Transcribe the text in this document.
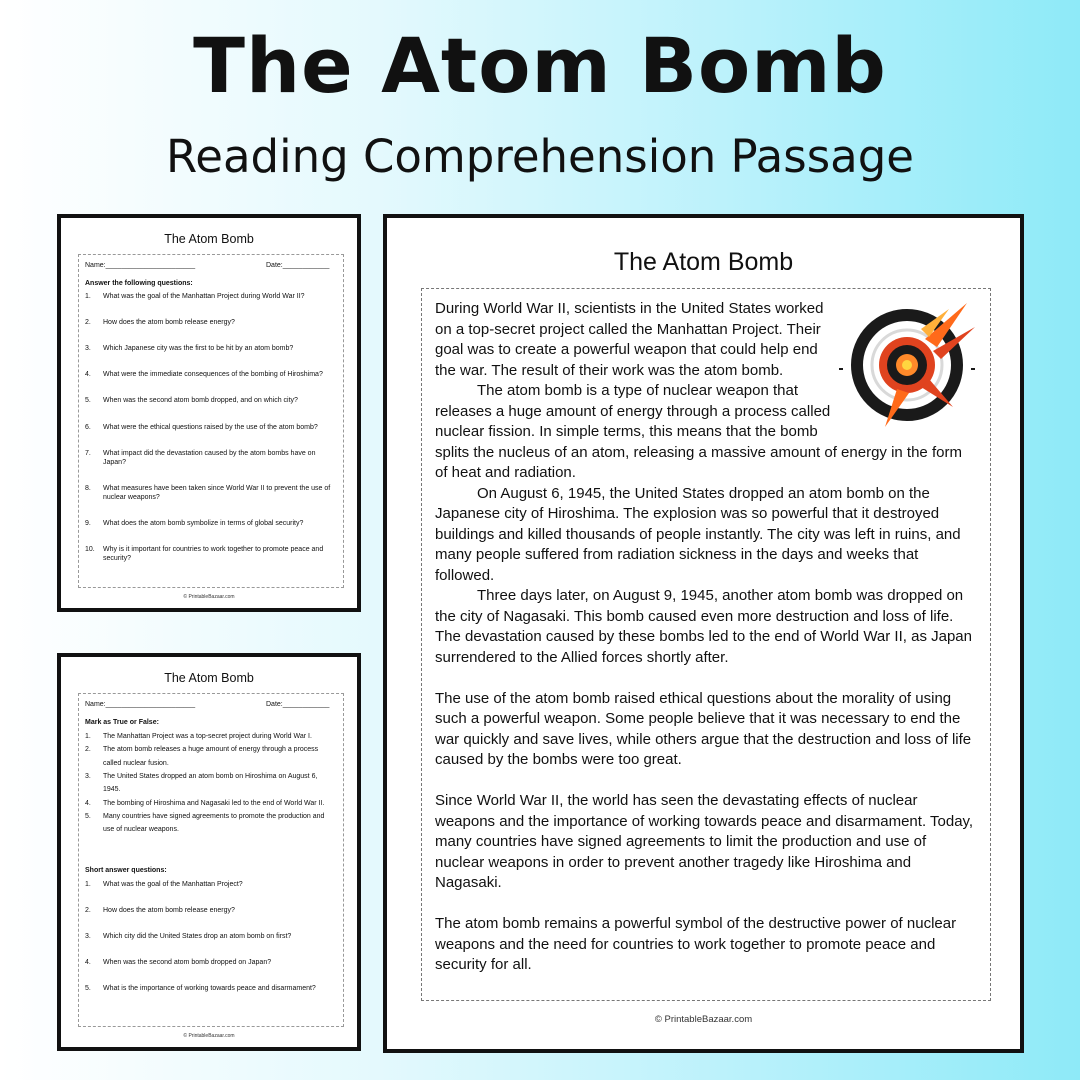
The Atom Bomb
Reading Comprehension Passage
The Atom Bomb
Name:_______________________	Date:____________
Answer the following questions:
1. What was the goal of the Manhattan Project during World War II?
2. How does the atom bomb release energy?
3. Which Japanese city was the first to be hit by an atom bomb?
4. What were the immediate consequences of the bombing of Hiroshima?
5. When was the second atom bomb dropped, and on which city?
6. What were the ethical questions raised by the use of the atom bomb?
7. What impact did the devastation caused by the atom bombs have on Japan?
8. What measures have been taken since World War II to prevent the use of nuclear weapons?
9. What does the atom bomb symbolize in terms of global security?
10. Why is it important for countries to work together to promote peace and security?
© PrintableBazaar.com
The Atom Bomb
Name:_______________________	Date:____________
Mark as True or False:
1. The Manhattan Project was a top-secret project during World War I.
2. The atom bomb releases a huge amount of energy through a process called nuclear fusion.
3. The United States dropped an atom bomb on Hiroshima on August 6, 1945.
4. The bombing of Hiroshima and Nagasaki led to the end of World War II.
5. Many countries have signed agreements to promote the production and use of nuclear weapons.
Short answer questions:
1. What was the goal of the Manhattan Project?
2. How does the atom bomb release energy?
3. Which city did the United States drop an atom bomb on first?
4. When was the second atom bomb dropped on Japan?
5. What is the importance of working towards peace and disarmament?
© PrintableBazaar.com
The Atom Bomb

During World War II, scientists in the United States worked on a top-secret project called the Manhattan Project. Their goal was to create a powerful weapon that could help end the war. The result of their work was the atom bomb.

The atom bomb is a type of nuclear weapon that releases a huge amount of energy through a process called nuclear fission. In simple terms, this means that the bomb splits the nucleus of an atom, releasing a massive amount of energy in the form of heat and radiation.

On August 6, 1945, the United States dropped an atom bomb on the Japanese city of Hiroshima. The explosion was so powerful that it destroyed buildings and killed thousands of people instantly. The city was left in ruins, and many people suffered from radiation sickness in the days and weeks that followed.

Three days later, on August 9, 1945, another atom bomb was dropped on the city of Nagasaki. This bomb caused even more destruction and loss of life. The devastation caused by these bombs led to the end of World War II, as Japan surrendered to the Allied forces shortly after.

The use of the atom bomb raised ethical questions about the morality of using such a powerful weapon. Some people believe that it was necessary to end the war quickly and save lives, while others argue that the destruction and loss of life caused by the bombs were too great.

Since World War II, the world has seen the devastating effects of nuclear weapons and the importance of working towards peace and disarmament. Today, many countries have signed agreements to limit the production and use of nuclear weapons in order to prevent another tragedy like Hiroshima and Nagasaki.

The atom bomb remains a powerful symbol of the destructive power of nuclear weapons and the need for countries to work together to promote peace and security for all.

© PrintableBazaar.com
